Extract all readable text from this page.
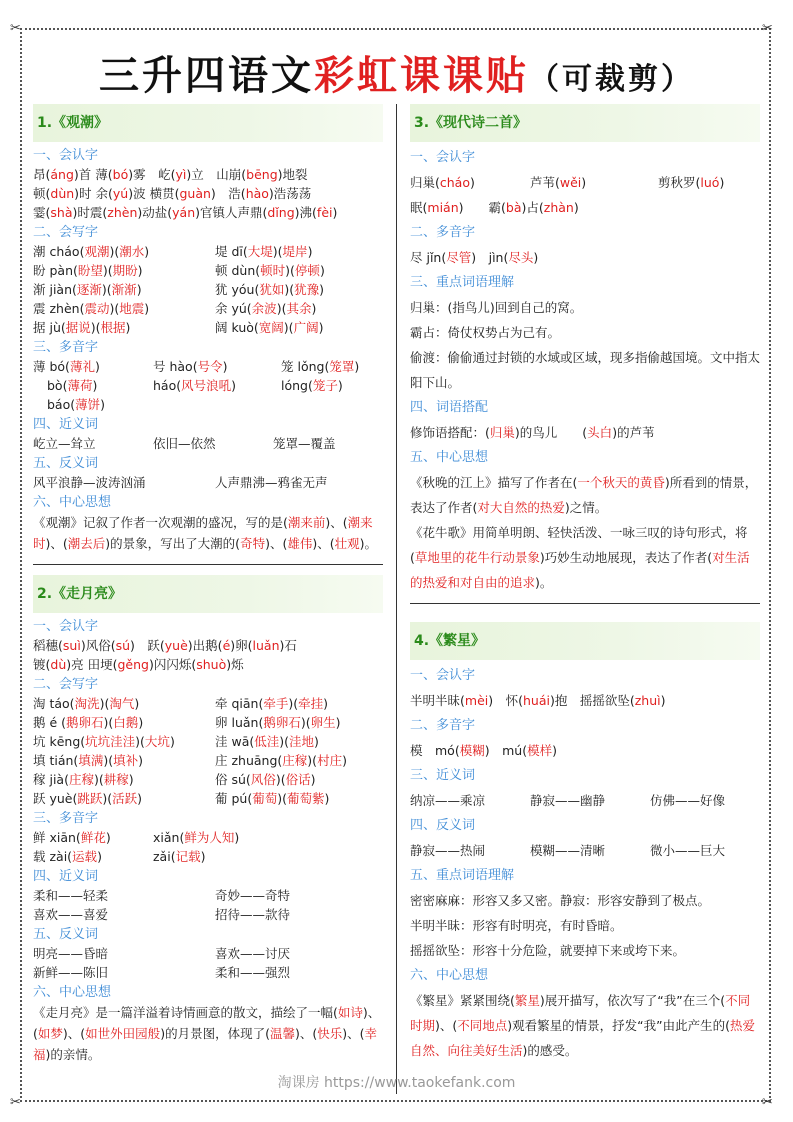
✂	✂
✂	✂
三升四语文彩虹课课贴（可裁剪）
1.《观潮》
一、会认字
昂(áng)首 薄(bó)雾　屹(yì)立　山崩(bēng)地裂
顿(dùn)时 余(yú)波 横贯(guàn)　浩(hào)浩荡荡
霎(shà)时震(zhèn)动盐(yán)官镇人声鼎(dǐng)沸(fèi)
二、会写字
潮 cháo(观潮)(潮水)	堤 dī(大堤)(堤岸)
盼 pàn(盼望)(期盼)	顿 dùn(顿时)(停顿)
渐 jiàn(逐渐)(渐渐)	犹 yóu(犹如)(犹豫)
震 zhèn(震动)(地震)	余 yú(余波)(其余)
据 jù(据说)(根据)	阔 kuò(宽阔)(广阔)
三、多音字
薄 bó(薄礼)	号 hào(号令)	笼 lǒng(笼罩)
bò(薄荷)	háo(风号浪吼)	lóng(笼子)
báo(薄饼)
四、近义词
屹立—耸立	依旧—依然	笼罩—覆盖
五、反义词
风平浪静—波涛汹涌	人声鼎沸—鸦雀无声
六、中心思想
《观潮》记叙了作者一次观潮的盛况，写的是(潮来前)、(潮来时)、(潮去后)的景象，写出了大潮的(奇特)、(雄伟)、(壮观)。
2.《走月亮》
一、会认字
稻穗(suì)风俗(sú)　跃(yuè)出鹅(é)卵(luǎn)石
镀(dù)亮 田埂(gěng)闪闪烁(shuò)烁
二、会写字
淘 táo(淘洗)(淘气)	牵 qiān(牵手)(牵挂)
鹅 é (鹅卵石)(白鹅)	卵 luǎn(鹅卵石)(卵生)
坑 kēng(坑坑洼洼)(大坑)	洼 wā(低洼)(洼地)
填 tián(填满)(填补)	庄 zhuāng(庄稼)(村庄)
稼 jià(庄稼)(耕稼)	俗 sú(风俗)(俗话)
跃 yuè(跳跃)(活跃)	葡 pú(葡萄)(葡萄紫)
三、多音字
鲜 xiān(鲜花)	xiǎn(鲜为人知)
载 zài(运载)	zǎi(记载)
四、近义词
柔和——轻柔	奇妙——奇特
喜欢——喜爱	招待——款待
五、反义词
明亮——昏暗	喜欢——讨厌
新鲜——陈旧	柔和——强烈
六、中心思想
《走月亮》是一篇洋溢着诗情画意的散文，描绘了一幅(如诗)、(如梦)、(如世外田园般)的月景图，体现了(温馨)、(快乐)、(幸福)的亲情。
3.《现代诗二首》
一、会认字
归巢(cháo)	芦苇(wěi)	剪秋罗(luó)
眠(mián)　　霸(bà)占(zhàn)
二、多音字
尽 jǐn(尽管)　jìn(尽头)
三、重点词语理解
归巢：(指鸟儿)回到自己的窝。
霸占：倚仗权势占为己有。
偷渡：偷偷通过封锁的水域或区域，现多指偷越国境。文中指太阳下山。
四、词语搭配
修饰语搭配：(归巢)的鸟儿　　(头白)的芦苇
五、中心思想
《秋晚的江上》描写了作者在(一个秋天的黄昏)所看到的情景，表达了作者(对大自然的热爱)之情。
《花牛歌》用简单明朗、轻快活泼、一咏三叹的诗句形式，将(草地里的花牛行动景象)巧妙生动地展现，表达了作者(对生活的热爱和对自由的追求)。
4.《繁星》
一、会认字
半明半昧(mèi)　怀(huái)抱　摇摇欲坠(zhuì)
二、多音字
模　mó(模糊)　mú(模样)
三、近义词
纳凉——乘凉	静寂——幽静	仿佛——好像
四、反义词
静寂——热闹	模糊——清晰	微小——巨大
五、重点词语理解
密密麻麻：形容又多又密。静寂：形容安静到了极点。
半明半昧：形容有时明亮，有时昏暗。
摇摇欲坠：形容十分危险，就要掉下来或垮下来。
六、中心思想
《繁星》紧紧围绕(繁星)展开描写，依次写了“我”在三个(不同时期)、(不同地点)观看繁星的情景，抒发“我”由此产生的(热爱自然、向往美好生活)的感受。
淘课房 https://www.taokefank.com
